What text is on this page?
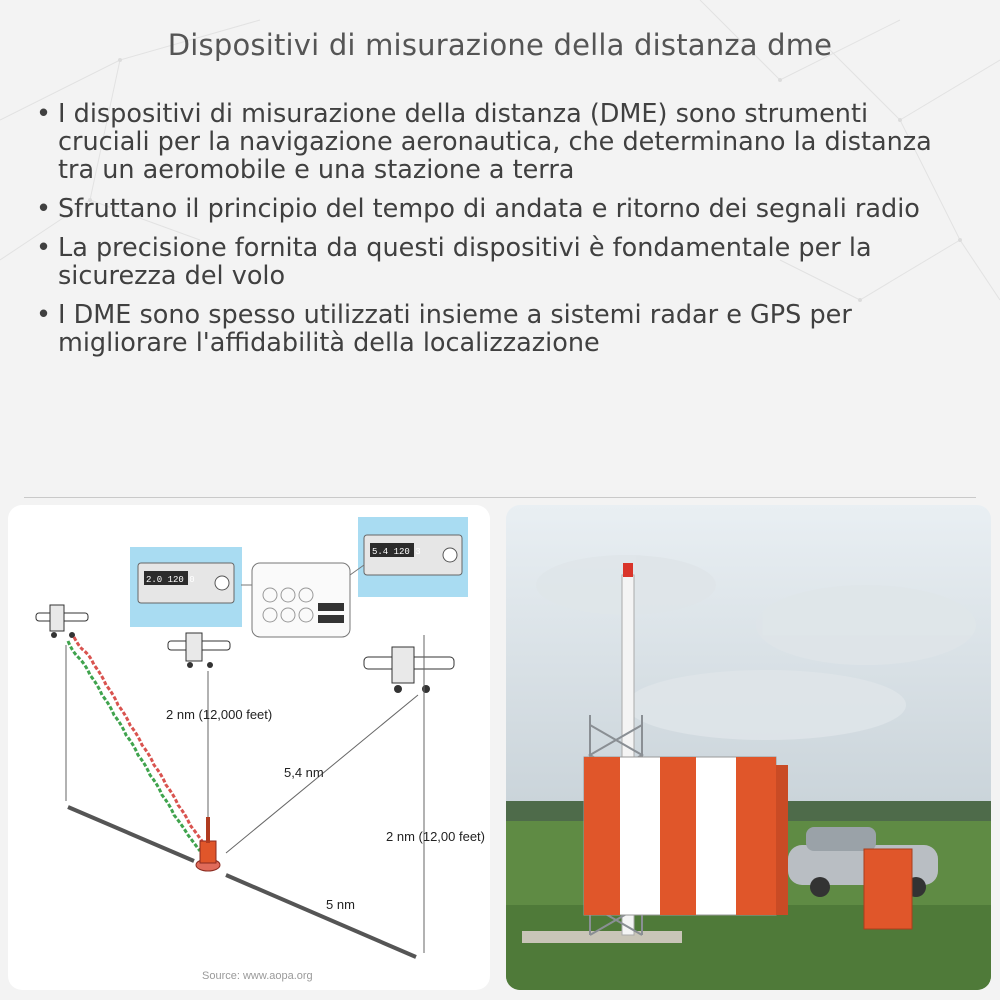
Dispositivi di misurazione della distanza dme
• I dispositivi di misurazione della distanza (DME) sono strumenti cruciali per la navigazione aeronautica, che determinano la distanza tra un aeromobile e una stazione a terra
• Sfruttano il principio del tempo di andata e ritorno dei segnali radio
• La precisione fornita da questi dispositivi è fondamentale per la sicurezza del volo
• I DME sono spesso utilizzati insieme a sistemi radar e GPS per migliorare l'affidabilità della localizzazione
2.0 120 0
5.4 120 3
2 nm (12,000 feet)
5,4 nm
2 nm (12,00 feet)
5 nm
Source: www.aopa.org
